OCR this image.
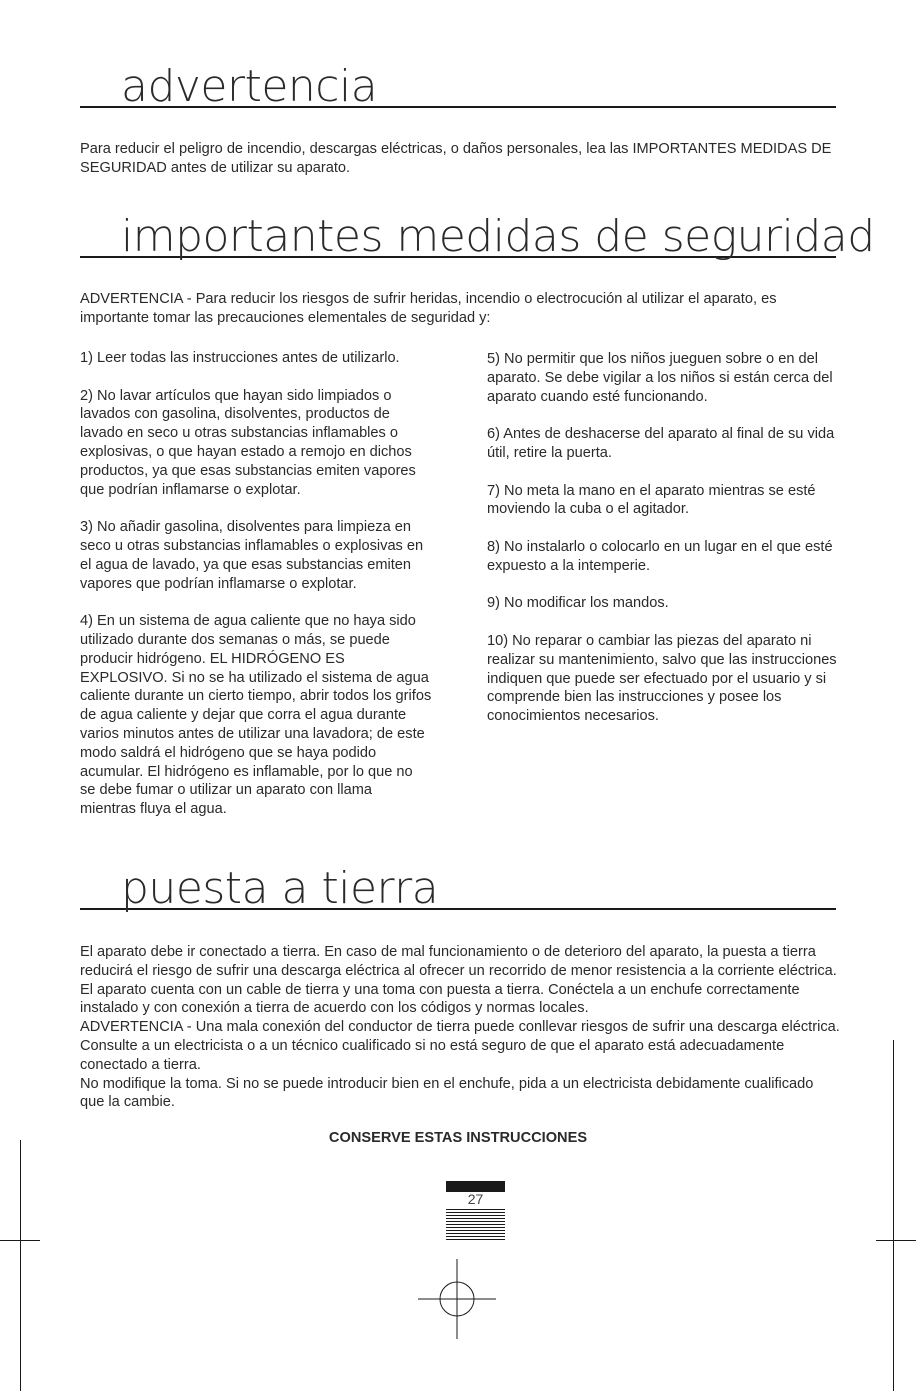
advertencia

Para reducir el peligro de incendio, descargas eléctricas, o daños personales, lea las IMPORTANTES MEDIDAS DE SEGURIDAD antes de utilizar su aparato.

importantes medidas de seguridad

ADVERTENCIA - Para reducir los riesgos de sufrir heridas, incendio o electrocución al utilizar el aparato, es importante tomar las precauciones elementales de seguridad y:

1) Leer todas las instrucciones antes de utilizarlo.

2) No lavar artículos que hayan sido limpiados o lavados con gasolina, disolventes, productos de lavado en seco u otras substancias inflamables o explosivas, o que hayan estado a remojo en dichos productos, ya que esas substancias emiten vapores que podrían inflamarse o explotar.

3) No añadir gasolina, disolventes para limpieza en seco u otras substancias inflamables o explosivas en el agua de lavado, ya que esas substancias emiten vapores que podrían inflamarse o explotar.

4) En un sistema de agua caliente que no haya sido utilizado durante dos semanas o más, se puede producir hidrógeno. EL HIDRÓGENO ES EXPLOSIVO. Si no se ha utilizado el sistema de agua caliente durante un cierto tiempo, abrir todos los grifos de agua caliente y dejar que corra el agua durante varios minutos antes de utilizar una lavadora; de este modo saldrá el hidrógeno que se haya podido acumular. El hidrógeno es inflamable, por lo que no se debe fumar o utilizar un aparato con llama mientras fluya el agua.

5) No permitir que los niños jueguen sobre o en del aparato. Se debe vigilar a los niños si están cerca del aparato cuando esté funcionando.

6) Antes de deshacerse del aparato al final de su vida útil, retire la puerta.

7) No meta la mano en el aparato mientras se esté moviendo la cuba o el agitador.

8) No instalarlo o colocarlo en un lugar en el que esté expuesto a la intemperie.

9) No modificar los mandos.

10) No reparar o cambiar las piezas del aparato ni realizar su mantenimiento, salvo que las instrucciones indiquen que puede ser efectuado por el usuario y si comprende bien las instrucciones y posee los conocimientos necesarios.

puesta a tierra
El aparato debe ir conectado a tierra. En caso de mal funcionamiento o de deterioro del aparato, la puesta a tierra reducirá el riesgo de sufrir una descarga eléctrica al ofrecer un recorrido de menor resistencia a la corriente eléctrica. El aparato cuenta con un cable de tierra y una toma con puesta a tierra. Conéctela a un enchufe correctamente instalado y con conexión a tierra de acuerdo con los códigos y normas locales.
ADVERTENCIA - Una mala conexión del conductor de tierra puede conllevar riesgos de sufrir una descarga eléctrica. Consulte a un electricista o a un técnico cualificado si no está seguro de que el aparato está adecuadamente conectado a tierra.
No modifique la toma. Si no se puede introducir bien en el enchufe, pida a un electricista debidamente cualificado que la cambie.
CONSERVE ESTAS INSTRUCCIONES
27
